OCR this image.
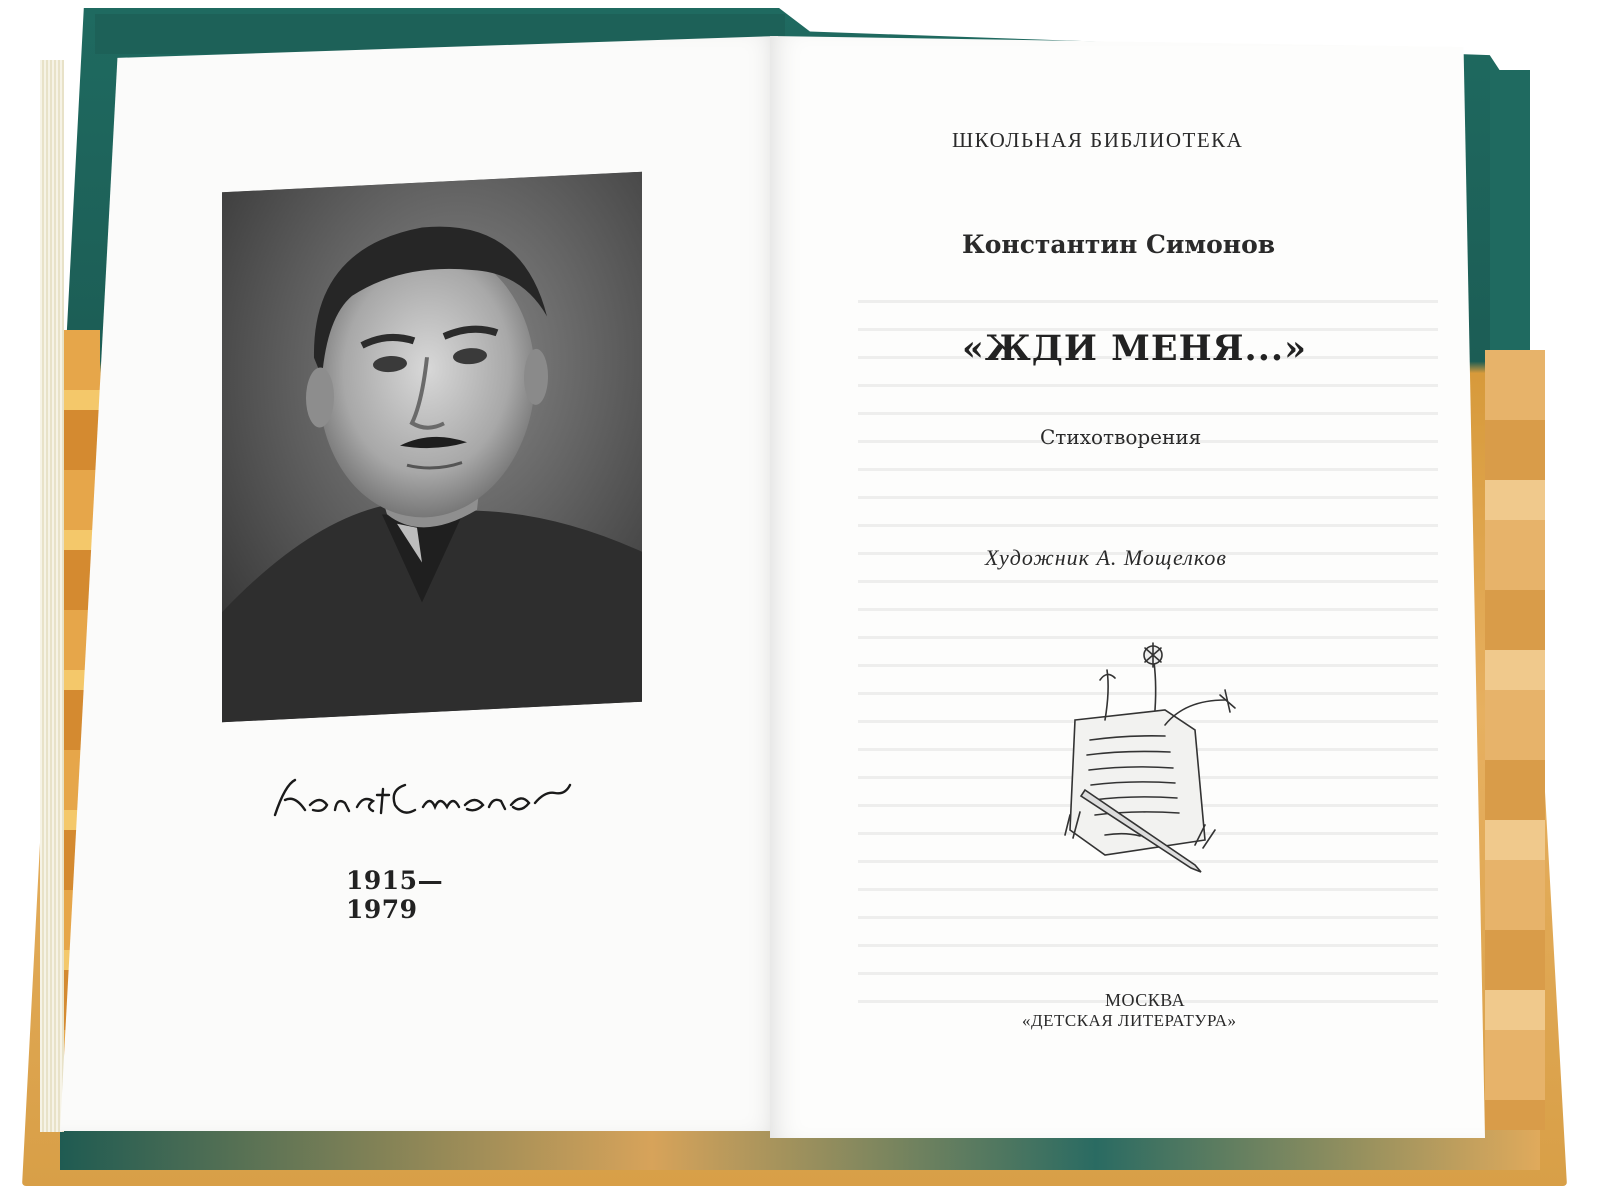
1915—1979
ШКОЛЬНАЯ БИБЛИОТЕКА
Константин Симонов
«ЖДИ МЕНЯ...»
Стихотворения
Художник А. Мощелков
МОСКВА
«ДЕТСКАЯ ЛИТЕРАТУРА»
